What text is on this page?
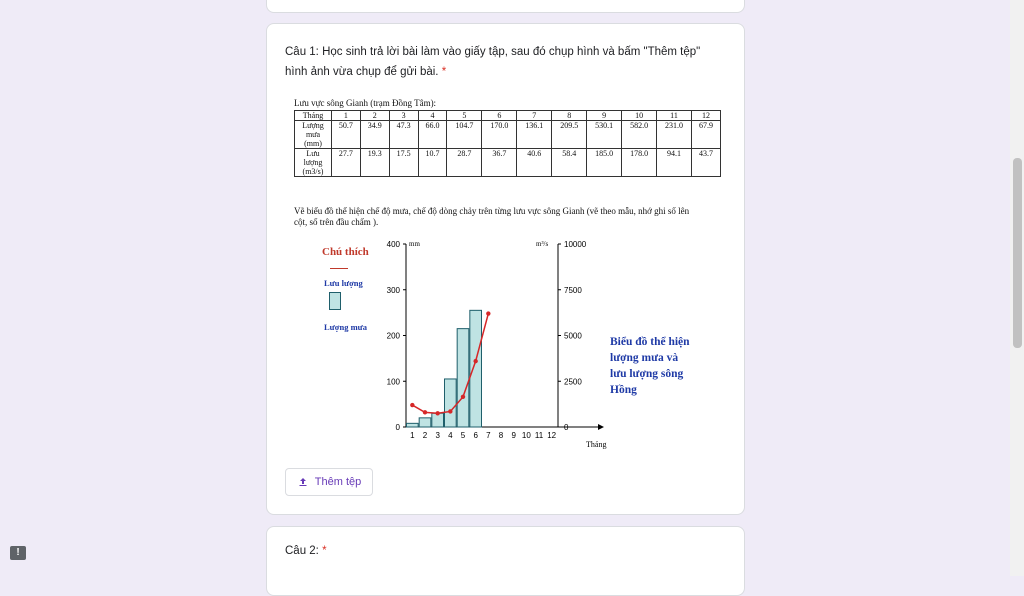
Câu 1: Học sinh trả lời bài làm vào giấy tập, sau đó chụp hình và bấm "Thêm tệp" hình ảnh vừa chụp để gửi bài. *
Lưu vực sông Gianh (trạm Đồng Tâm):
Tháng	1	2	3	4	5	6	7	8	9	10	11	12
Lượng mưa (mm)	50.7	34.9	47.3	66.0	104.7	170.0	136.1	209.5	530.1	582.0	231.0	67.9
Lưu lượng (m3/s)	27.7	19.3	17.5	10.7	28.7	36.7	40.6	58.4	185.0	178.0	94.1	43.7
Vẽ biểu đồ thể hiện chế độ mưa, chế độ dòng chảy trên từng lưu vực sông Gianh (vẽ theo mẫu, nhớ ghi số lên cột, số trên đầu chấm ).
Chú thích
Lưu lượng
Lượng mưa
400
300
200
100
0
10000
7500
5000
2500
0
mm	m³/s
1 2 3 4 5 6 7 8 9 10 11 12
Tháng
Biểu đồ thể hiện lượng mưa và lưu lượng sông Hồng
Thêm tệp
Câu 2: *
!
